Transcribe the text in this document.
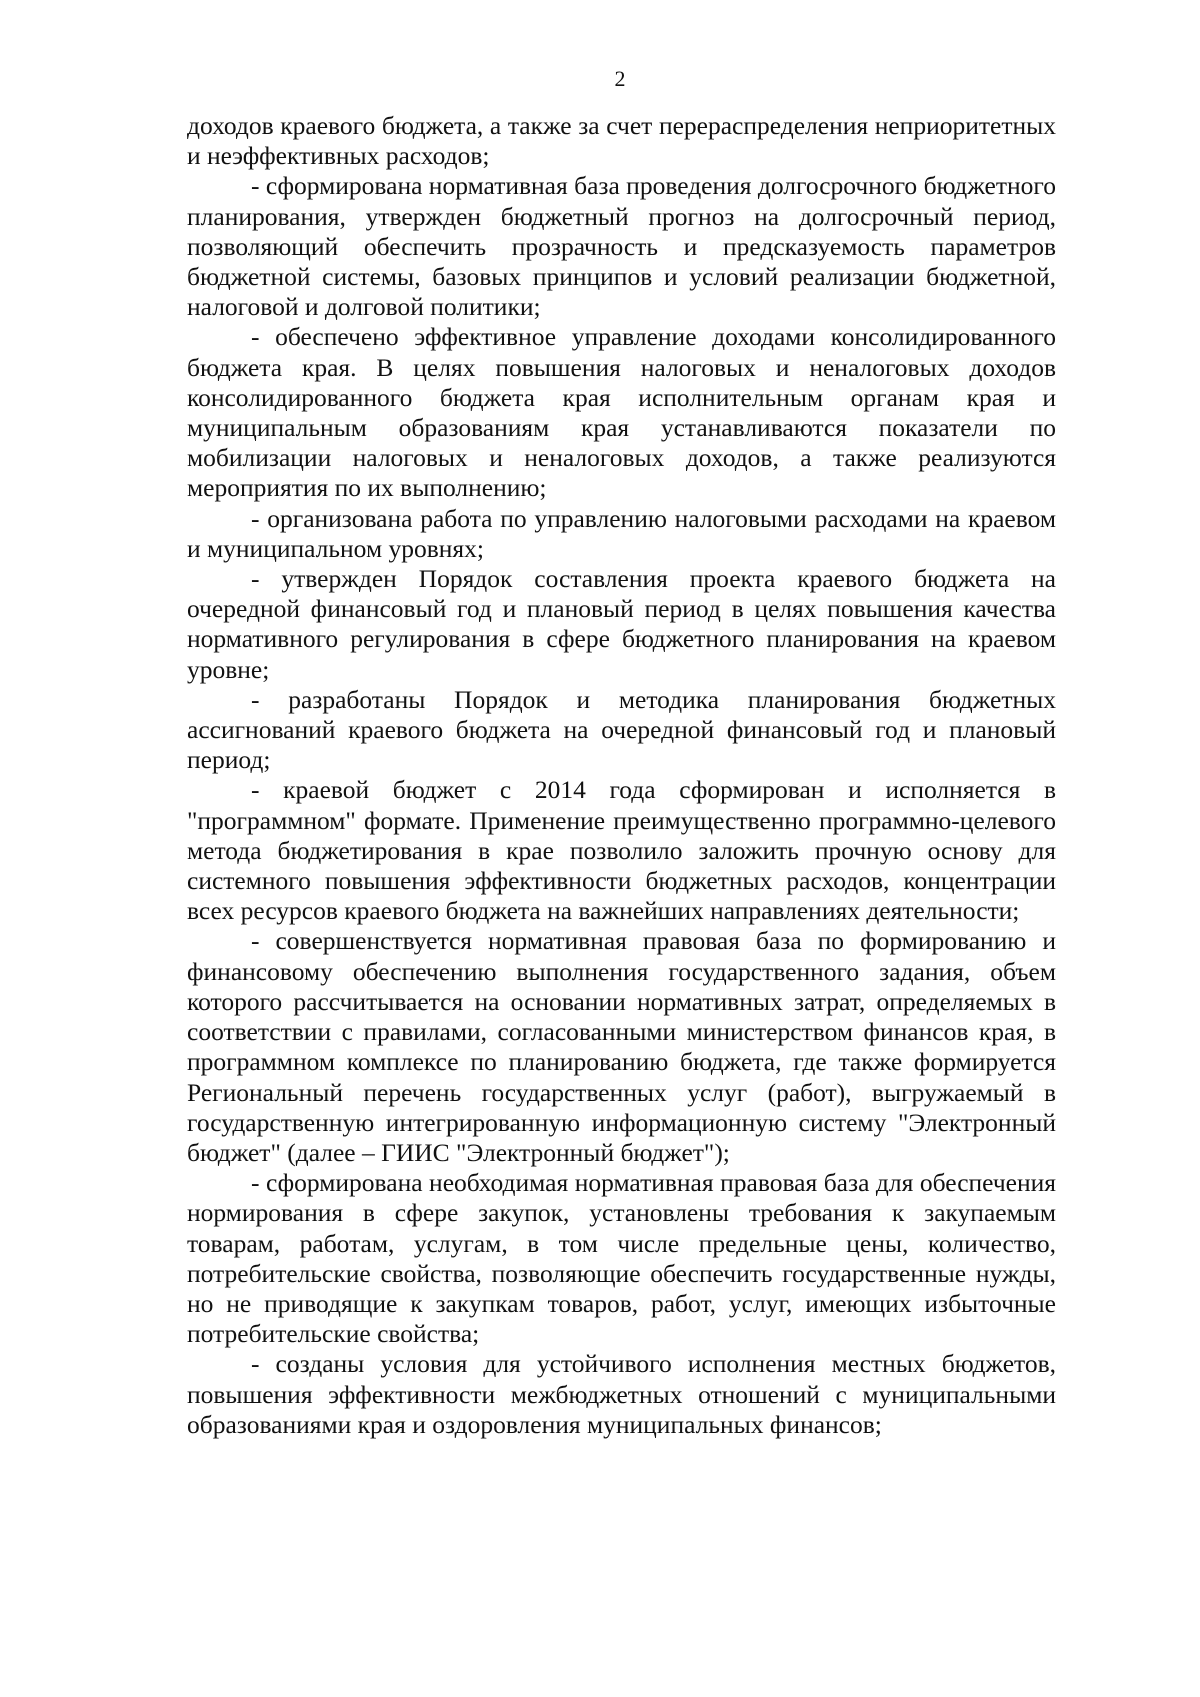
2

доходов краевого бюджета, а также за счет перераспределения неприоритетных и неэффективных расходов;

- сформирована нормативная база проведения долгосрочного бюджетного планирования, утвержден бюджетный прогноз на долгосрочный период, позволяющий обеспечить прозрачность и предсказуемость параметров бюджетной системы, базовых принципов и условий реализации бюджетной, налоговой и долговой политики;

- обеспечено эффективное управление доходами консолидированного бюджета края. В целях повышения налоговых и неналоговых доходов консолидированного бюджета края исполнительным органам края и муниципальным образованиям края устанавливаются показатели по мобилизации налоговых и неналоговых доходов, а также реализуются мероприятия по их выполнению;

- организована работа по управлению налоговыми расходами на краевом и муниципальном уровнях;

- утвержден Порядок составления проекта краевого бюджета на очередной финансовый год и плановый период в целях повышения качества нормативного регулирования в сфере бюджетного планирования на краевом уровне;

- разработаны Порядок и методика планирования бюджетных ассигнований краевого бюджета на очередной финансовый год и плановый период;

- краевой бюджет с 2014 года сформирован и исполняется в "программном" формате. Применение преимущественно программно-целевого метода бюджетирования в крае позволило заложить прочную основу для системного повышения эффективности бюджетных расходов, концентрации всех ресурсов краевого бюджета на важнейших направлениях деятельности;

- совершенствуется нормативная правовая база по формированию и финансовому обеспечению выполнения государственного задания, объем которого рассчитывается на основании нормативных затрат, определяемых в соответствии с правилами, согласованными министерством финансов края, в программном комплексе по планированию бюджета, где также формируется Региональный перечень государственных услуг (работ), выгружаемый в государственную интегрированную информационную систему "Электронный бюджет" (далее – ГИИС "Электронный бюджет");

- сформирована необходимая нормативная правовая база для обеспечения нормирования в сфере закупок, установлены требования к закупаемым товарам, работам, услугам, в том числе предельные цены, количество, потребительские свойства, позволяющие обеспечить государственные нужды, но не приводящие к закупкам товаров, работ, услуг, имеющих избыточные потребительские свойства;

- созданы условия для устойчивого исполнения местных бюджетов, повышения эффективности межбюджетных отношений с муниципальными образованиями края и оздоровления муниципальных финансов;
